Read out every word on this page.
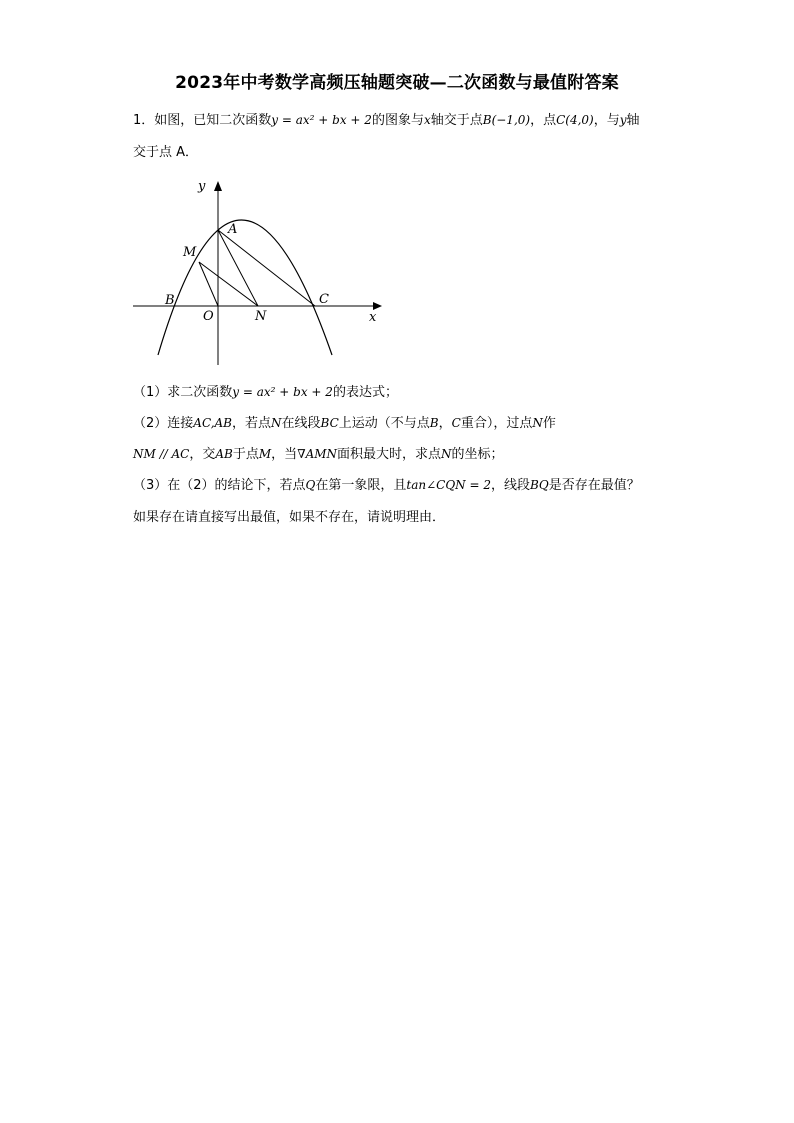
2023年中考数学高频压轴题突破—二次函数与最值附答案
1．如图，已知二次函数y = ax² + bx + 2的图象与x轴交于点B(−1,0)，点C(4,0)，与y轴
交于点 A．
y
x
A
M
B
O	N
C
（1）求二次函数y = ax² + bx + 2的表达式；
（2）连接AC,AB，若点N在线段BC上运动（不与点B，C重合），过点N作
NM // AC，交AB于点M，当∇AMN面积最大时，求点N的坐标；
（3）在（2）的结论下，若点Q在第一象限，且tan∠CQN = 2，线段BQ是否存在最值？
如果存在请直接写出最值，如果不存在，请说明理由．
